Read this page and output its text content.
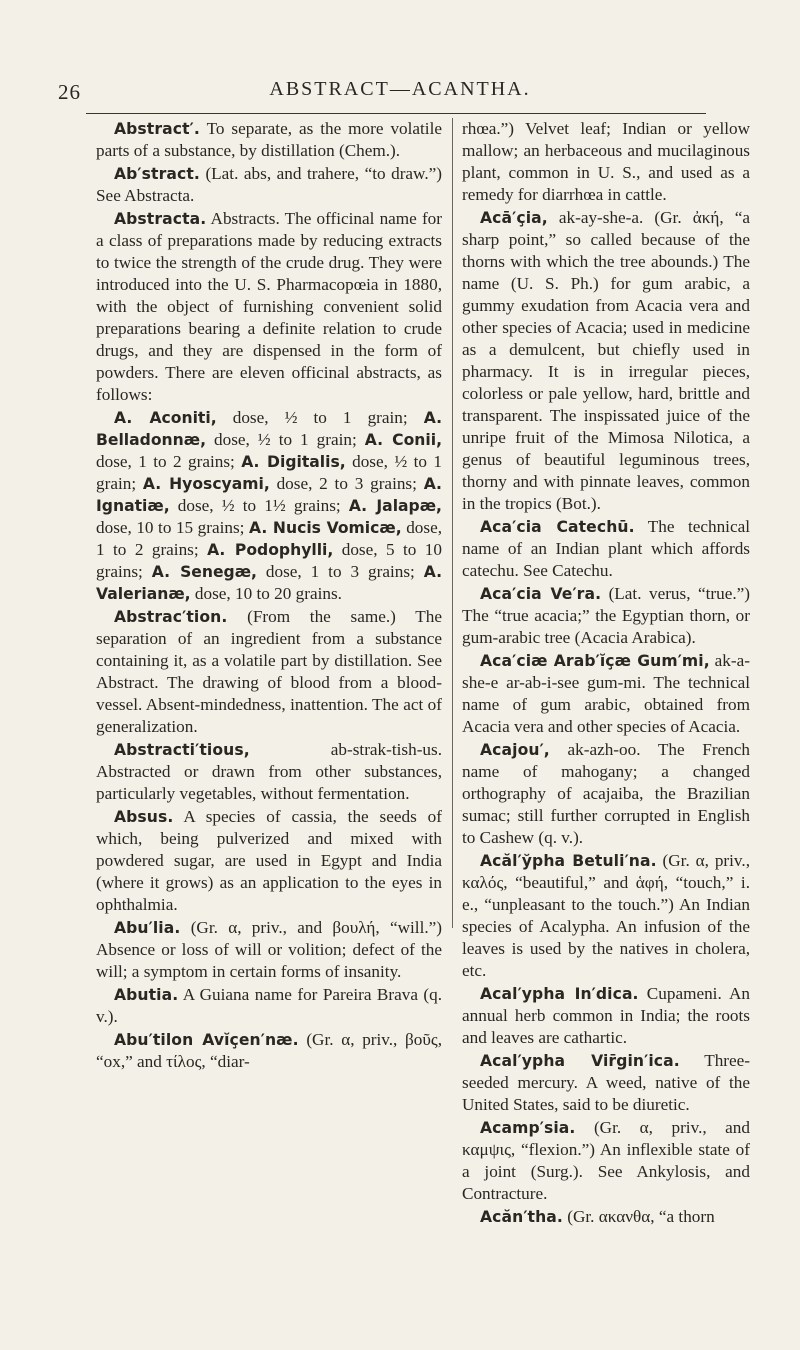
26	ABSTRACT—ACANTHA.

Abstract′. To separate, as the more volatile parts of a substance, by distillation (Chem.).

Ab′stract. (Lat. abs, and trahere, “to draw.”) See Abstracta.

Abstracta. Abstracts. The officinal name for a class of preparations made by reducing extracts to twice the strength of the crude drug. They were introduced into the U. S. Pharmacopœia in 1880, with the object of furnishing convenient solid preparations bearing a definite relation to crude drugs, and they are dispensed in the form of powders. There are eleven officinal abstracts, as follows:

A. Aconiti, dose, ½ to 1 grain; A. Belladonnæ, dose, ½ to 1 grain; A. Conii, dose, 1 to 2 grains; A. Digitalis, dose, ½ to 1 grain; A. Hyoscyami, dose, 2 to 3 grains; A. Ignatiæ, dose, ½ to 1½ grains; A. Jalapæ, dose, 10 to 15 grains; A. Nucis Vomicæ, dose, 1 to 2 grains; A. Podophylli, dose, 5 to 10 grains; A. Senegæ, dose, 1 to 3 grains; A. Valerianæ, dose, 10 to 20 grains.

Abstrac′tion. (From the same.) The separation of an ingredient from a substance containing it, as a volatile part by distillation. See Abstract. The drawing of blood from a blood-vessel. Absent-mindedness, inattention. The act of generalization.

Abstracti′tious, ab-strak-tish-us. Abstracted or drawn from other substances, particularly vegetables, without fermentation.

Absus. A species of cassia, the seeds of which, being pulverized and mixed with powdered sugar, are used in Egypt and India (where it grows) as an application to the eyes in ophthalmia.

Abu′lia. (Gr. α, priv., and βουλή, “will.”) Absence or loss of will or volition; defect of the will; a symptom in certain forms of insanity.

Abutia. A Guiana name for Pareira Brava (q. v.).

Abu′tilon Avĭçen′næ. (Gr. α, priv., βοῦς, “ox,” and τίλος, “diar-

rhœa.”) Velvet leaf; Indian or yellow mallow; an herbaceous and mucilaginous plant, common in U. S., and used as a remedy for diarrhœa in cattle.

Acā′çia, ak-ay-she-a. (Gr. ἀκή, “a sharp point,” so called because of the thorns with which the tree abounds.) The name (U. S. Ph.) for gum arabic, a gummy exudation from Acacia vera and other species of Acacia; used in medicine as a demulcent, but chiefly used in pharmacy. It is in irregular pieces, colorless or pale yellow, hard, brittle and transparent. The inspissated juice of the unripe fruit of the Mimosa Nilotica, a genus of beautiful leguminous trees, thorny and with pinnate leaves, common in the tropics (Bot.).

Aca′cia Catechū. The technical name of an Indian plant which affords catechu. See Catechu.

Aca′cia Ve′ra. (Lat. verus, “true.”) The “true acacia;” the Egyptian thorn, or gum-arabic tree (Acacia Arabica).

Aca′ciæ Arab′ĭçæ Gum′mi, ak-a-she-e ar-ab-i-see gum-mi. The technical name of gum arabic, obtained from Acacia vera and other species of Acacia.

Acajou′, ak-azh-oo. The French name of mahogany; a changed orthography of acajaiba, the Brazilian sumac; still further corrupted in English to Cashew (q. v.).

Acăl′ўpha Betuli′na. (Gr. α, priv., καλός, “beautiful,” and ἁφή, “touch,” i. e., “unpleasant to the touch.”) An Indian species of Acalypha. An infusion of the leaves is used by the natives in cholera, etc.

Acal′ypha In′dica. Cupameni. An annual herb common in India; the roots and leaves are cathartic.

Acal′ypha Vir̄gin′ica. Three-seeded mercury. A weed, native of the United States, said to be diuretic.

Acamp′sia. (Gr. α, priv., and καμψις, “flexion.”) An inflexible state of a joint (Surg.). See Ankylosis, and Contracture.

Acăn′tha. (Gr. ακανθα, “a thorn
